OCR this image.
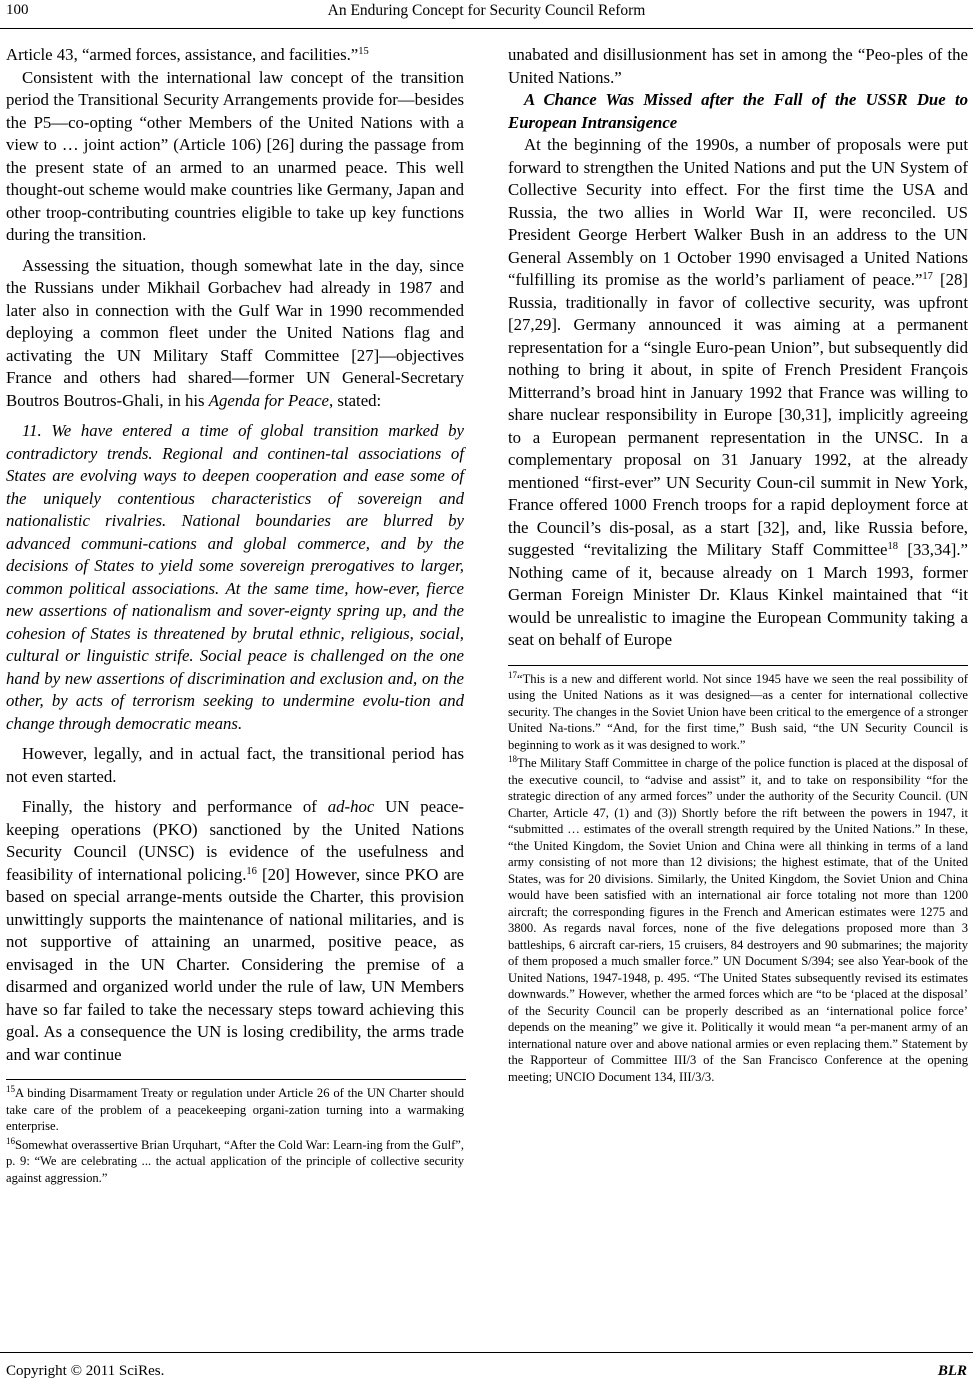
100	An Enduring Concept for Security Council Reform

Article 43, “armed forces, assistance, and facilities.”$^{15}$

Consistent with the international law concept of the transition period the Transitional Security Arrangements provide for—besides the P5—co-opting “other Members of the United Nations with a view to … joint action” (Article 106) [26] during the passage from the present state of an armed to an unarmed peace. This well thought-out scheme would make countries like Germany, Japan and other troop-contributing countries eligible to take up key functions during the transition.

Assessing the situation, though somewhat late in the day, since the Russians under Mikhail Gorbachev had already in 1987 and later also in connection with the Gulf War in 1990 recommended deploying a common fleet under the United Nations flag and activating the UN Military Staff Committee [27]—objectives France and others had shared—former UN General-Secretary Boutros Boutros-Ghali, in his Agenda for Peace, stated:

11. We have entered a time of global transition marked by contradictory trends. Regional and continen-tal associations of States are evolving ways to deepen cooperation and ease some of the uniquely contentious characteristics of sovereign and nationalistic rivalries. National boundaries are blurred by advanced communi-cations and global commerce, and by the decisions of States to yield some sovereign prerogatives to larger, common political associations. At the same time, how-ever, fierce new assertions of nationalism and sover-eignty spring up, and the cohesion of States is threatened by brutal ethnic, religious, social, cultural or linguistic strife. Social peace is challenged on the one hand by new assertions of discrimination and exclusion and, on the other, by acts of terrorism seeking to undermine evolu-tion and change through democratic means.

However, legally, and in actual fact, the transitional period has not even started.

Finally, the history and performance of ad-hoc UN peace-keeping operations (PKO) sanctioned by the United Nations Security Council (UNSC) is evidence of the usefulness and feasibility of international policing.$^{16}$ [20] However, since PKO are based on special arrange-ments outside the Charter, this provision unwittingly supports the maintenance of national militaries, and is not supportive of attaining an unarmed, positive peace, as envisaged in the UN Charter. Considering the premise of a disarmed and organized world under the rule of law, UN Members have so far failed to take the necessary steps toward achieving this goal. As a consequence the UN is losing credibility, the arms trade and war continue

$^{15}$A binding Disarmament Treaty or regulation under Article 26 of the UN Charter should take care of the problem of a peacekeeping organi-zation turning into a warmaking enterprise.

$^{16}$Somewhat overassertive Brian Urquhart, “After the Cold War: Learn-ing from the Gulf”, p. 9: “We are celebrating ... the actual application of the principle of collective security against aggression.”

unabated and disillusionment has set in among the “Peo-ples of the United Nations.”

A Chance Was Missed after the Fall of the USSR Due to European Intransigence

At the beginning of the 1990s, a number of proposals were put forward to strengthen the United Nations and put the UN System of Collective Security into effect. For the first time the USA and Russia, the two allies in World War II, were reconciled. US President George Herbert Walker Bush in an address to the UN General Assembly on 1 October 1990 envisaged a United Nations “fulfilling its promise as the world’s parliament of peace.”$^{17}$ [28] Russia, traditionally in favor of collective security, was upfront [27,29]. Germany announced it was aiming at a permanent representation for a “single Euro-pean Union”, but subsequently did nothing to bring it about, in spite of French President François Mitterrand’s broad hint in January 1992 that France was willing to share nuclear responsibility in Europe [30,31], implicitly agreeing to a European permanent representation in the UNSC. In a complementary proposal on 31 January 1992, at the already mentioned “first-ever” UN Security Coun-cil summit in New York, France offered 1000 French troops for a rapid deployment force at the Council’s dis-posal, as a start [32], and, like Russia before, suggested “revitalizing the Military Staff Committee$^{18}$ [33,34].” Nothing came of it, because already on 1 March 1993, former German Foreign Minister Dr. Klaus Kinkel maintained that “it would be unrealistic to imagine the European Community taking a seat on behalf of Europe

$^{17}$“This is a new and different world. Not since 1945 have we seen the real possibility of using the United Nations as it was designed—as a center for international collective security. The changes in the Soviet Union have been critical to the emergence of a stronger United Na-tions.” “And, for the first time,” Bush said, “the UN Security Council is beginning to work as it was designed to work.”

$^{18}$The Military Staff Committee in charge of the police function is placed at the disposal of the executive council, to “advise and assist” it, and to take on responsibility “for the strategic direction of any armed forces” under the authority of the Security Council. (UN Charter, Article 47, (1) and (3)) Shortly before the rift between the powers in 1947, it “submitted … estimates of the overall strength required by the United Nations.” In these, “the United Kingdom, the Soviet Union and China were all thinking in terms of a land army consisting of not more than 12 divisions; the highest estimate, that of the United States, was for 20 divisions. Similarly, the United Kingdom, the Soviet Union and China would have been satisfied with an international air force totaling not more than 1200 aircraft; the corresponding figures in the French and American estimates were 1275 and 3800. As regards naval forces, none of the five delegations proposed more than 3 battleships, 6 aircraft car-riers, 15 cruisers, 84 destroyers and 90 submarines; the majority of them proposed a much smaller force.” UN Document S/394; see also Year-book of the United Nations, 1947-1948, p. 495. “The United States subsequently revised its estimates downwards.” However, whether the armed forces which are “to be ‘placed at the disposal’ of the Security Council can be properly described as an ‘international police force’ depends on the meaning” we give it. Politically it would mean “a per-manent army of an international nature over and above national armies or even replacing them.” Statement by the Rapporteur of Committee III/3 of the San Francisco Conference at the opening meeting; UNCIO Document 134, III/3/3.

Copyright © 2011 SciRes.	BLR
